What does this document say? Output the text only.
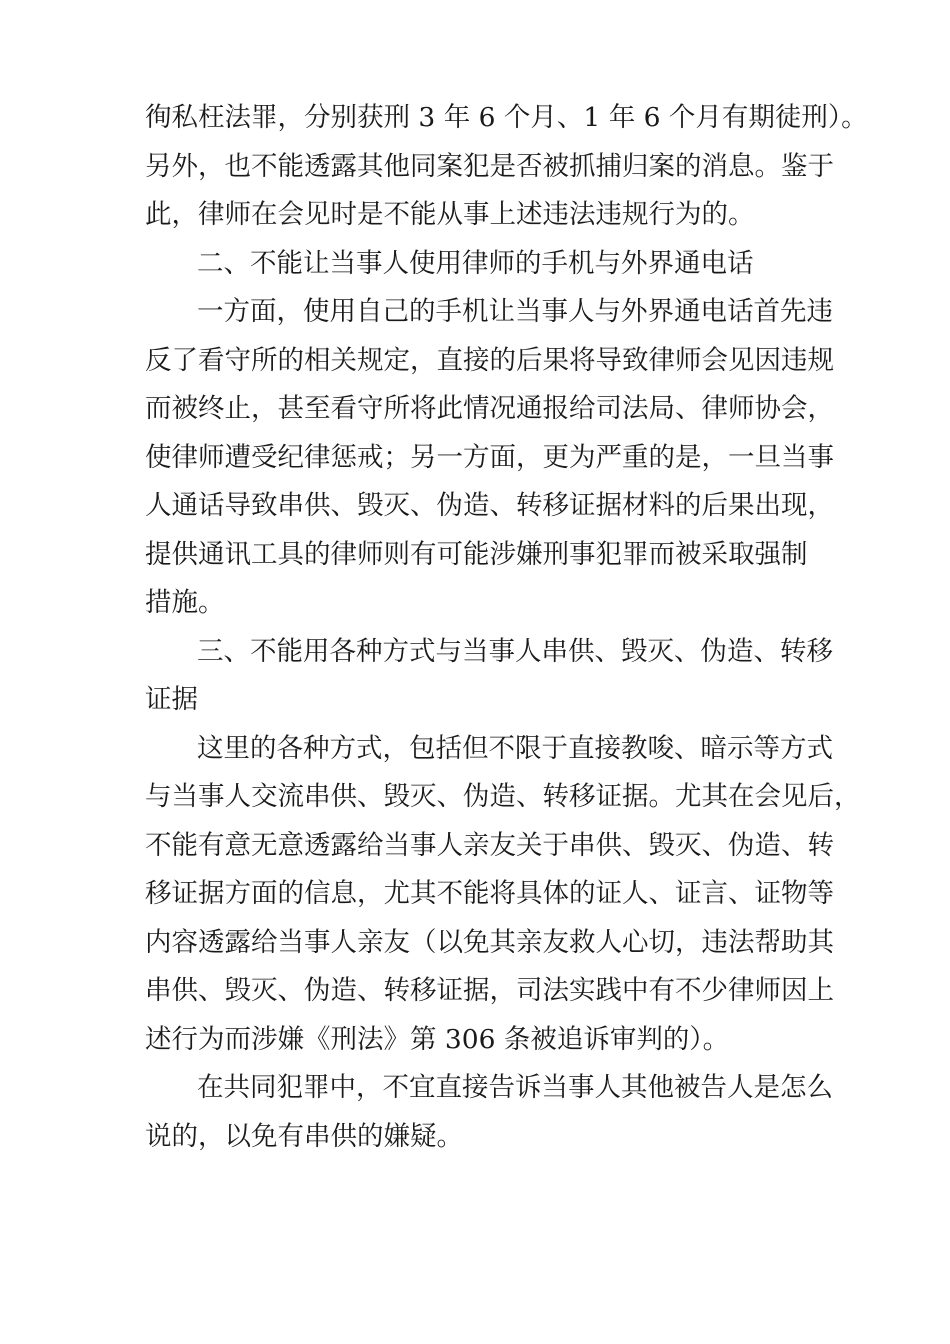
徇私枉法罪，分别获刑 3 年 6 个月、1 年 6 个月有期徒刑）。
另外，也不能透露其他同案犯是否被抓捕归案的消息。鉴于
此，律师在会见时是不能从事上述违法违规行为的。
二、不能让当事人使用律师的手机与外界通电话
一方面，使用自己的手机让当事人与外界通电话首先违
反了看守所的相关规定，直接的后果将导致律师会见因违规
而被终止，甚至看守所将此情况通报给司法局、律师协会，
使律师遭受纪律惩戒；另一方面，更为严重的是，一旦当事
人通话导致串供、毁灭、伪造、转移证据材料的后果出现，
提供通讯工具的律师则有可能涉嫌刑事犯罪而被采取强制
措施。
三、不能用各种方式与当事人串供、毁灭、伪造、转移
证据
这里的各种方式，包括但不限于直接教唆、暗示等方式
与当事人交流串供、毁灭、伪造、转移证据。尤其在会见后，
不能有意无意透露给当事人亲友关于串供、毁灭、伪造、转
移证据方面的信息，尤其不能将具体的证人、证言、证物等
内容透露给当事人亲友（以免其亲友救人心切，违法帮助其
串供、毁灭、伪造、转移证据，司法实践中有不少律师因上
述行为而涉嫌《刑法》第 306 条被追诉审判的）。
在共同犯罪中，不宜直接告诉当事人其他被告人是怎么
说的，以免有串供的嫌疑。
